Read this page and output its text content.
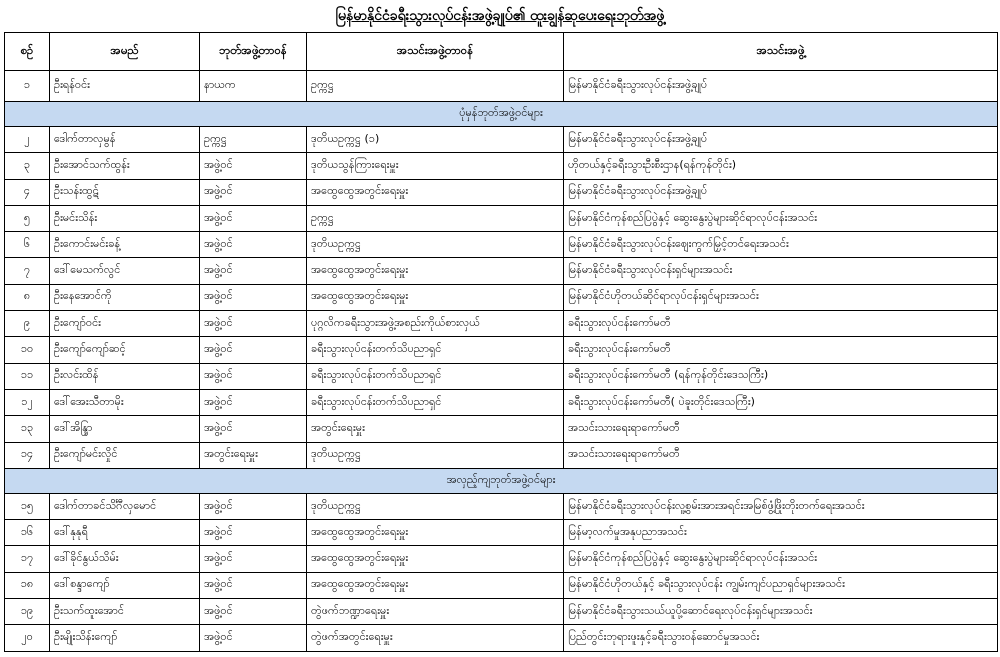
မြန်မာနိုင်ငံခရီးသွားလုပ်ငန်းအဖွဲ့ချုပ်၏ ထူးချွန်ဆုပေးရေးဘုတ်အဖွဲ့
စဉ်	အမည်	ဘုတ်အဖွဲ့တာဝန်	အသင်းအဖွဲ့တာဝန်	အသင်းအဖွဲ့
၁	ဦးရန်ဝင်း	နာယက	ဥက္ကဋ္ဌ	မြန်မာနိုင်ငံခရီးသွားလုပ်ငန်းအဖွဲ့ချုပ်
ပုံမှန်ဘုတ်အဖွဲ့ဝင်များ				
၂	ဒေါက်တာလှမွန်	ဥက္ကဋ္ဌ	ဒုတိယဥက္ကဋ္ဌ (၁)	မြန်မာနိုင်ငံခရီးသွားလုပ်ငန်းအဖွဲ့ချုပ်
၃	ဦးအောင်သက်ထွန်း	အဖွဲ့ဝင်	ဒုတိယသွန်ကြားရေးမှူး	ဟိုတယ်နှင့်ခရီးသွားဦးစီးဌာန(ရန်ကုန်တိုင်း)
၄	ဦးသန်းထွဋ်	အဖွဲ့ဝင်	အထွေထွေအတွင်းရေးမှူး	မြန်မာနိုင်ငံခရီးသွားလုပ်ငန်းအဖွဲ့ချုပ်
၅	ဦးမင်းသိန်း	အဖွဲ့ဝင်	ဥက္ကဋ္ဌ	မြန်မာနိုင်ငံကုန်စည်ပြပွဲနှင့် ဆွေးနွေးပွဲများဆိုင်ရာလုပ်ငန်းအသင်း
၆	ဦးကောင်းမင်းခန့်	အဖွဲ့ဝင်	ဒုတိယဥက္ကဋ္ဌ	မြန်မာနိုင်ငံခရီးသွားလုပ်ငန်းဈေးကွက်မြှင့်တင်ရေးအသင်း
၇	ဒေါ်မေသက်လွင်	အဖွဲ့ဝင်	အထွေထွေအတွင်းရေးမှူး	မြန်မာနိုင်ငံခရီးသွားလုပ်ငန်းရှင်များအသင်း
၈	ဦးနေအောင်ကို	အဖွဲ့ဝင်	အထွေထွေအတွင်းရေးမှူး	မြန်မာနိုင်ငံဟိုတယ်ဆိုင်ရာလုပ်ငန်းရှင်များအသင်း
၉	ဦးကျော်ဝင်း	အဖွဲ့ဝင်	ပုဂ္ဂလိကခရီးသွားအဖွဲ့အစည်းကိုယ်စားလှယ်	ခရီးသွားလုပ်ငန်းကော်မတီ
၁၀	ဦးကျော်ကျော်ဆင့်	အဖွဲ့ဝင်	ခရီးသွားလုပ်ငန်းတက်သိပညာရှင်	ခရီးသွားလုပ်ငန်းကော်မတီ
၁၁	ဦးလင်းထိန်	အဖွဲ့ဝင်	ခရီးသွားလုပ်ငန်းတက်သိပညာရှင်	ခရီးသွားလုပ်ငန်းကော်မတီ (ရန်ကုန်တိုင်းဒေသကြီး)
၁၂	ဒေါ်အေးသီတာမိုး	အဖွဲ့ဝင်	ခရီးသွားလုပ်ငန်းတက်သိပညာရှင်	ခရီးသွားလုပ်ငန်းကော်မတီ( ပဲခူးတိုင်းဒေသကြီး)
၁၃	ဒေါ်အိန္ဒြာ	အဖွဲ့ဝင်	အတွင်းရေးမှူး	အသင်းသားရေးရာကော်မတီ
၁၄	ဦးကျော်မင်းလှိုင်	အတွင်းရေးမှူး	ဒုတိယဥက္ကဋ္ဌ	အသင်းသားရေးရာကော်မတီ
အလှည့်ကျဘုတ်အဖွဲ့ဝင်များ				
၁၅	ဒေါက်တာခင်သိင်္ဂီလှမောင်	အဖွဲ့ဝင်	ဒုတိယဥက္ကဋ္ဌ	မြန်မာနိုင်ငံခရီးသွားလုပ်ငန်းလူ့စွမ်းအားအရင်းအမြစ်ဖွံ့ဖြိုးတိုးတက်ရေးအသင်း
၁၆	ဒေါ်နုနုရီ	အဖွဲ့ဝင်	အထွေထွေအတွင်းရေးမှူး	မြန်မာ့လက်မှုအနုပညာအသင်း
၁၇	ဒေါ်ခိုင်နွယ်သိမ်း	အဖွဲ့ဝင်	အထွေထွေအတွင်းရေးမှူး	မြန်မာနိုင်ငံကုန်စည်ပြပွဲနှင့် ဆွေးနွေးပွဲများဆိုင်ရာလုပ်ငန်းအသင်း
၁၈	ဒေါ်စန္ဒာကျော်	အဖွဲ့ဝင်	အထွေထွေအတွင်းရေးမှူး	မြန်မာနိုင်ငံဟိုတယ်နှင့် ခရီးသွားလုပ်ငန်း ကျွမ်းကျင်ပညာရှင်များအသင်း
၁၉	ဦးသက်ထူးအောင်	အဖွဲ့ဝင်	တွဲဖက်ဘဏ္ဍာရေးမှူး	မြန်မာနိုင်ငံခရီးသွားသယ်ယူပို့ဆောင်ရေးလုပ်ငန်းရှင်များအသင်း
၂၀	ဦးမျိုးသိန်းကျော်	အဖွဲ့ဝင်	တွဲဖက်အတွင်းရေးမှူး	ပြည်တွင်းဘုရားဖူးနှင့်ခရီးသွားဝန်ဆောင်မှုအသင်း
